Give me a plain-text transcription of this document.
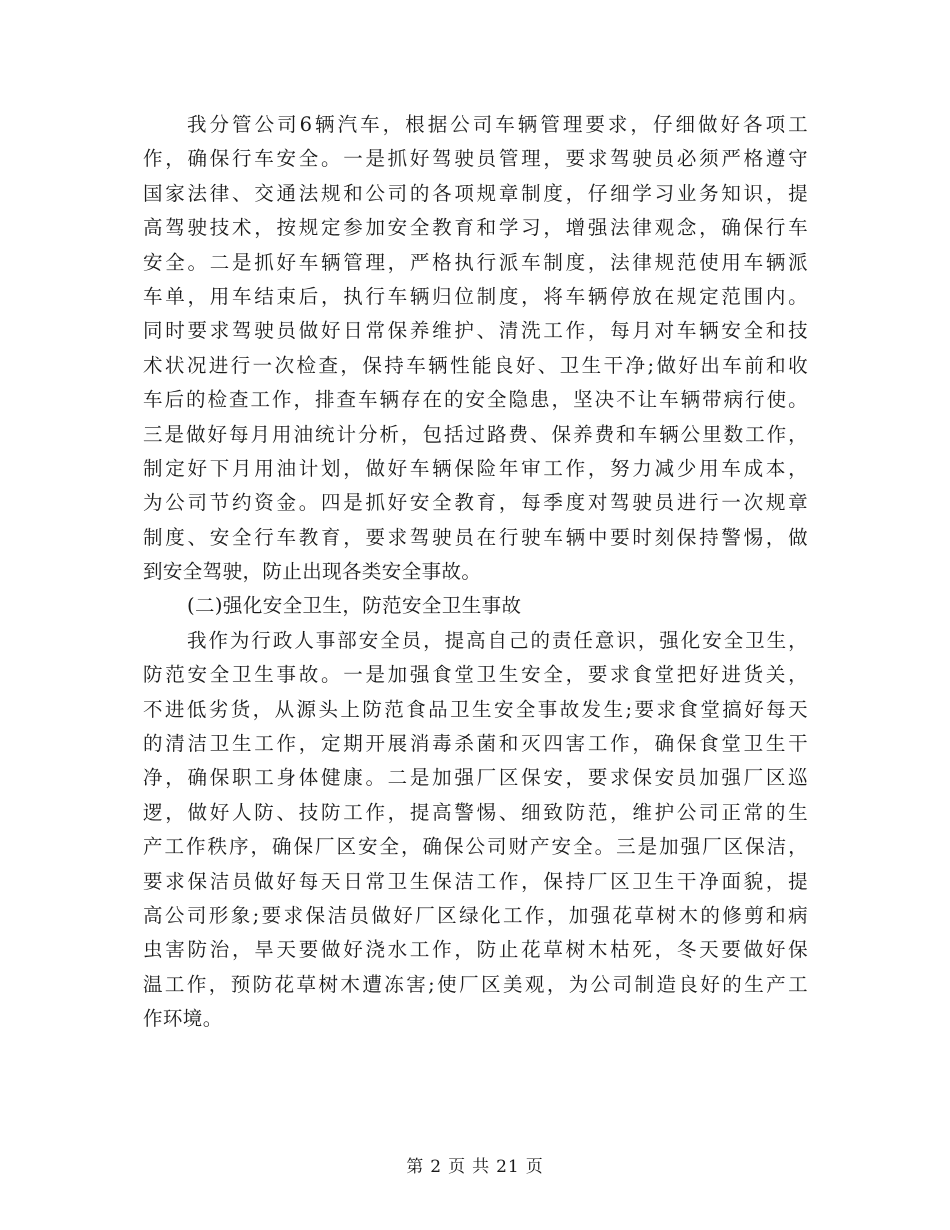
我分管公司6辆汽车，根据公司车辆管理要求，仔细做好各项工
作，确保行车安全。一是抓好驾驶员管理，要求驾驶员必须严格遵守
国家法律、交通法规和公司的各项规章制度，仔细学习业务知识，提
高驾驶技术，按规定参加安全教育和学习，增强法律观念，确保行车
安全。二是抓好车辆管理，严格执行派车制度，法律规范使用车辆派
车单，用车结束后，执行车辆归位制度，将车辆停放在规定范围内。
同时要求驾驶员做好日常保养维护、清洗工作，每月对车辆安全和技
术状况进行一次检查，保持车辆性能良好、卫生干净;做好出车前和收
车后的检查工作，排查车辆存在的安全隐患，坚决不让车辆带病行使。
三是做好每月用油统计分析，包括过路费、保养费和车辆公里数工作，
制定好下月用油计划，做好车辆保险年审工作，努力减少用车成本，
为公司节约资金。四是抓好安全教育，每季度对驾驶员进行一次规章
制度、安全行车教育，要求驾驶员在行驶车辆中要时刻保持警惕，做
到安全驾驶，防止出现各类安全事故。
(二)强化安全卫生，防范安全卫生事故
我作为行政人事部安全员，提高自己的责任意识，强化安全卫生，
防范安全卫生事故。一是加强食堂卫生安全，要求食堂把好进货关，
不进低劣货，从源头上防范食品卫生安全事故发生;要求食堂搞好每天
的清洁卫生工作，定期开展消毒杀菌和灭四害工作，确保食堂卫生干
净，确保职工身体健康。二是加强厂区保安，要求保安员加强厂区巡
逻，做好人防、技防工作，提高警惕、细致防范，维护公司正常的生
产工作秩序，确保厂区安全，确保公司财产安全。三是加强厂区保洁，
要求保洁员做好每天日常卫生保洁工作，保持厂区卫生干净面貌，提
高公司形象;要求保洁员做好厂区绿化工作，加强花草树木的修剪和病
虫害防治，旱天要做好浇水工作，防止花草树木枯死，冬天要做好保
温工作，预防花草树木遭冻害;使厂区美观，为公司制造良好的生产工
作环境。
第 2 页 共 21 页
